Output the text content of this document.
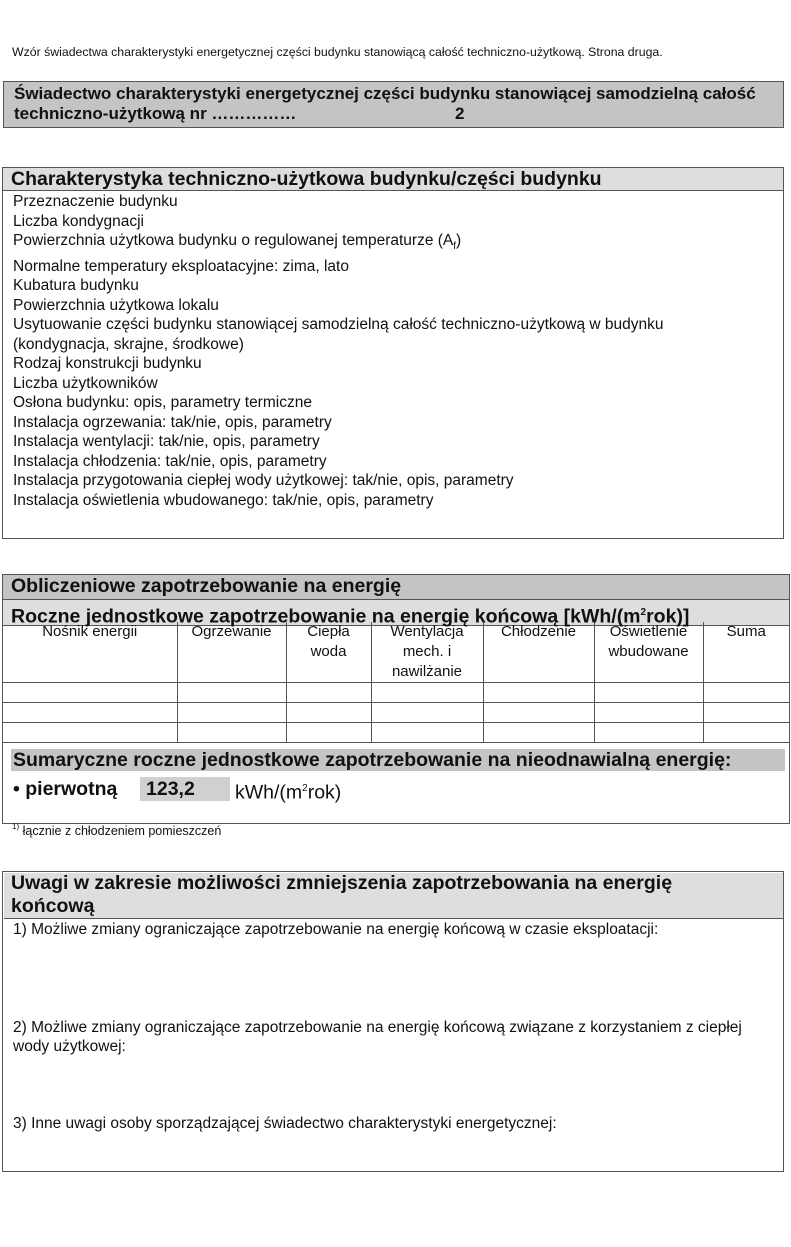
Wzór świadectwa charakterystyki energetycznej części budynku stanowiącą całość techniczno-użytkową. Strona druga.
Świadectwo charakterystyki energetycznej części budynku stanowiącej samodzielną całość
techniczno-użytkową nr ……………	2
Charakterystyka techniczno-użytkowa budynku/części budynku
Przeznaczenie budynku
Liczba kondygnacji
Powierzchnia użytkowa budynku o regulowanej temperaturze $(A_f)$
Normalne temperatury eksploatacyjne: zima, lato
Kubatura budynku
Powierzchnia użytkowa lokalu
Usytuowanie części budynku stanowiącej samodzielną całość techniczno-użytkową w budynku
(kondygnacja, skrajne, środkowe)
Rodzaj konstrukcji budynku
Liczba użytkowników
Osłona budynku: opis, parametry termiczne
Instalacja ogrzewania: tak/nie, opis, parametry
Instalacja wentylacji: tak/nie, opis, parametry
Instalacja chłodzenia: tak/nie, opis, parametry
Instalacja przygotowania ciepłej wody użytkowej: tak/nie, opis, parametry
Instalacja oświetlenia wbudowanego: tak/nie, opis, parametry
Obliczeniowe zapotrzebowanie na energię
Roczne jednostkowe zapotrzebowanie na energię końcową $[kWh/(m^2rok)]$
Nośnik energii	Ogrzewanie	Ciepła woda	Wentylacja mech. i nawilżanie	Chłodzenie	Oświetlenie wbudowane	Suma

Sumaryczne roczne jednostkowe zapotrzebowanie na nieodnawialną energię:
• pierwotną	123,2	kWh/$(m^2rok)$
$^{1)}$ łącznie z chłodzeniem pomieszczeń
Uwagi w zakresie możliwości zmniejszenia zapotrzebowania na energię końcową
1) Możliwe zmiany ograniczające zapotrzebowanie na energię końcową w czasie eksploatacji:
2) Możliwe zmiany ograniczające zapotrzebowanie na energię końcową związane z korzystaniem z ciepłej wody użytkowej:
3) Inne uwagi osoby sporządzającej świadectwo charakterystyki energetycznej:
